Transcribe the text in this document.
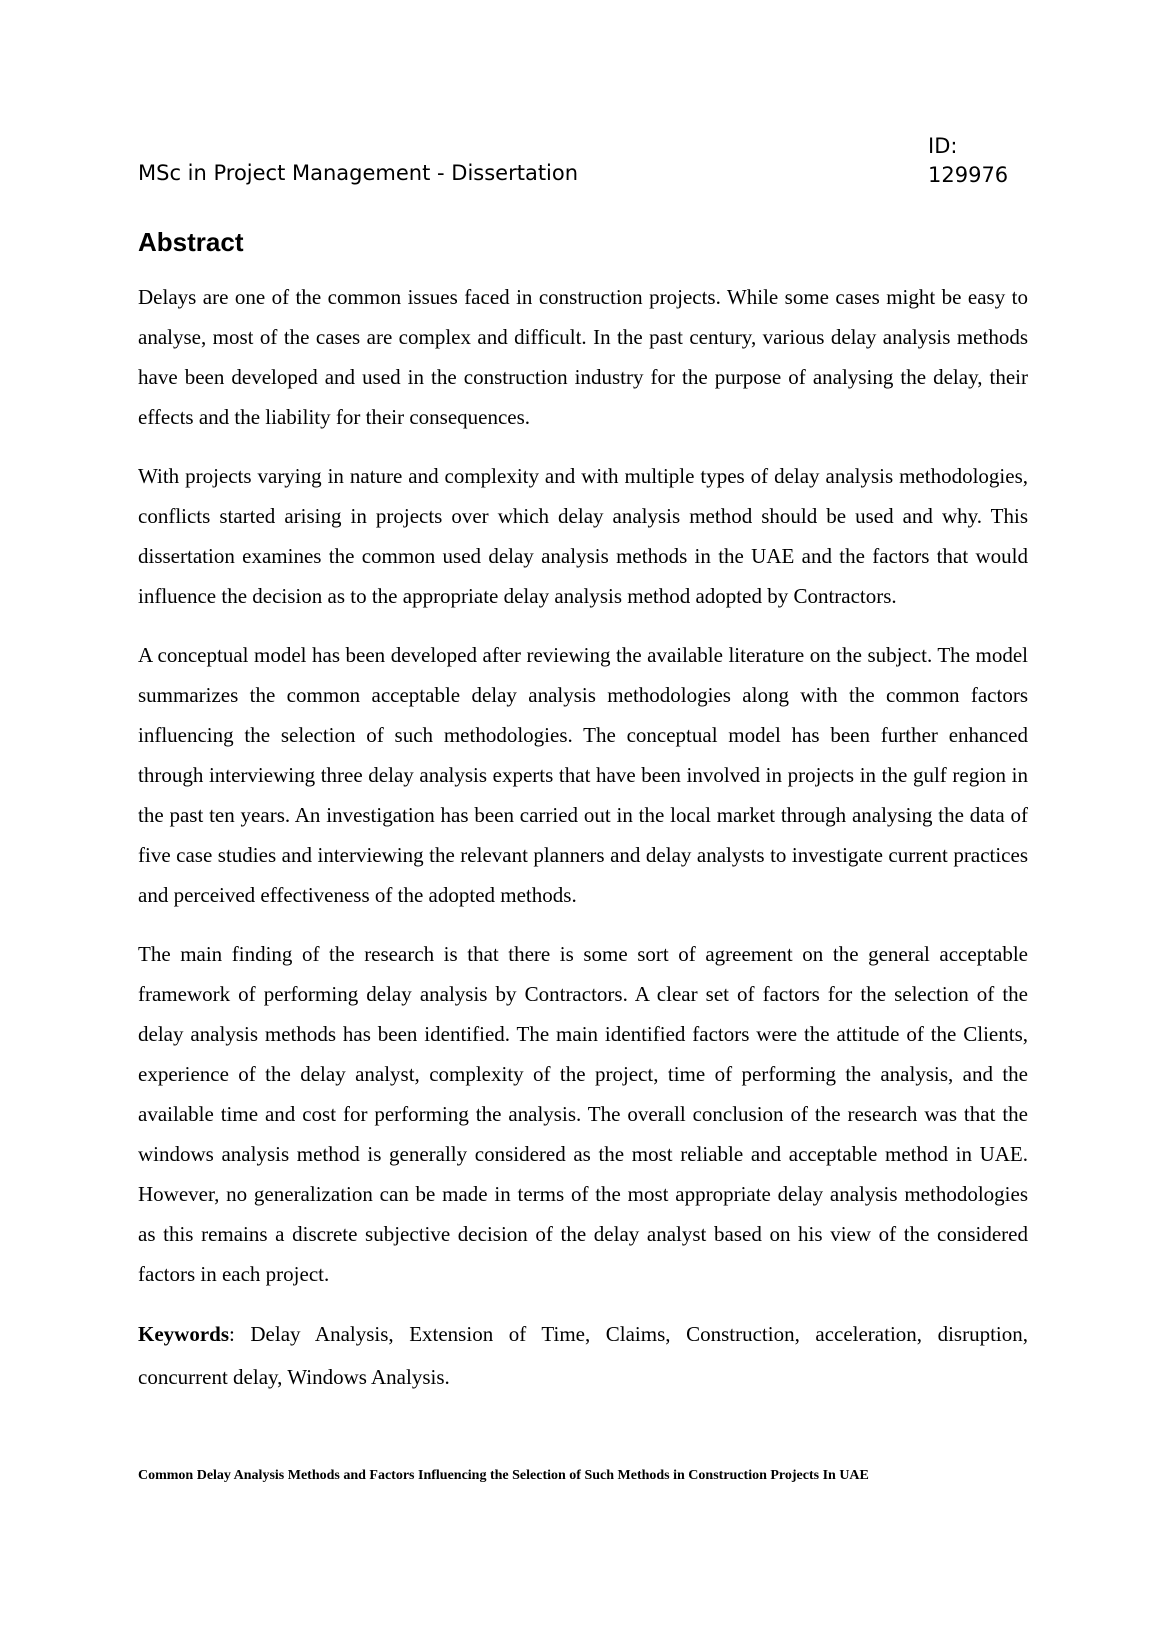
MSc in Project Management - Dissertation
ID:
129976
Abstract

Delays are one of the common issues faced in construction projects. While some cases might be easy to analyse, most of the cases are complex and difficult. In the past century, various delay analysis methods have been developed and used in the construction industry for the purpose of analysing the delay, their effects and the liability for their consequences.

With projects varying in nature and complexity and with multiple types of delay analysis methodologies, conflicts started arising in projects over which delay analysis method should be used and why. This dissertation examines the common used delay analysis methods in the UAE and the factors that would influence the decision as to the appropriate delay analysis method adopted by Contractors.

A conceptual model has been developed after reviewing the available literature on the subject. The model summarizes the common acceptable delay analysis methodologies along with the common factors influencing the selection of such methodologies. The conceptual model has been further enhanced through interviewing three delay analysis experts that have been involved in projects in the gulf region in the past ten years. An investigation has been carried out in the local market through analysing the data of five case studies and interviewing the relevant planners and delay analysts to investigate current practices and perceived effectiveness of the adopted methods.

The main finding of the research is that there is some sort of agreement on the general acceptable framework of performing delay analysis by Contractors. A clear set of factors for the selection of the delay analysis methods has been identified. The main identified factors were the attitude of the Clients, experience of the delay analyst, complexity of the project, time of performing the analysis, and the available time and cost for performing the analysis. The overall conclusion of the research was that the windows analysis method is generally considered as the most reliable and acceptable method in UAE. However, no generalization can be made in terms of the most appropriate delay analysis methodologies as this remains a discrete subjective decision of the delay analyst based on his view of the considered factors in each project.

Keywords: Delay Analysis, Extension of Time, Claims, Construction, acceleration, disruption, concurrent delay, Windows Analysis.

Common Delay Analysis Methods and Factors Influencing the Selection of Such Methods in Construction Projects In UAE
